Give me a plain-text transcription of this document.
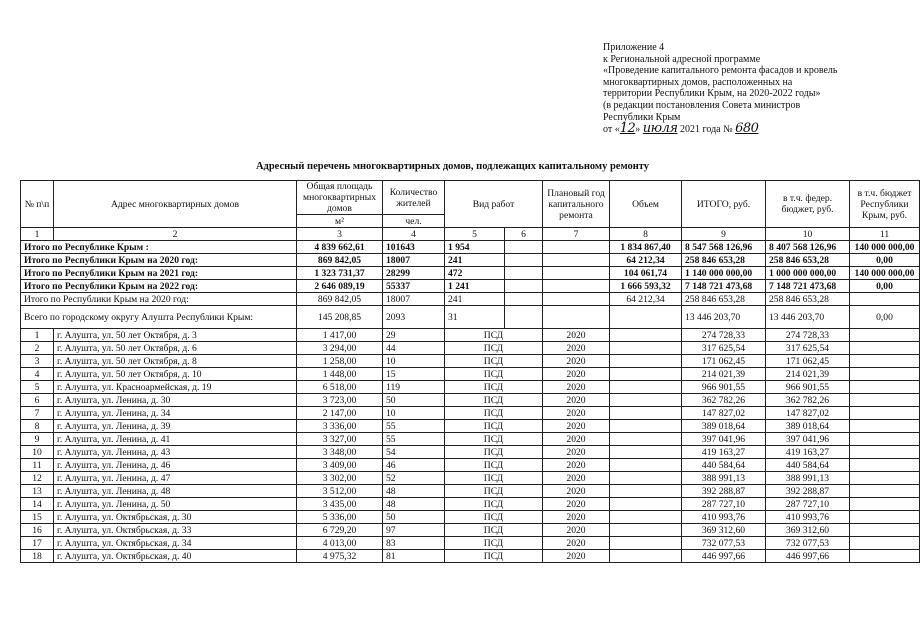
Приложение 4
к Региональной адресной программе
«Проведение капитального ремонта фасадов и кровель
многоквартирных домов, расположенных на
территории Республики Крым, на 2020-2022 годы»
(в редакции постановления Совета министров
Республики Крым
от «12» июля 2021 года № 680
Адресный перечень многоквартирных домов, подлежащих капитальному ремонту
№ п\п	Адрес многоквартирных домов	Общая площадь многоквартирных домов	Количество жителей	Вид работ		Плановый год капитального ремонта	Объем	ИТОГО, руб.	в т.ч. федер. бюджет, руб.	в т.ч. бюджет Республики Крым, руб.
		м²	чел.							
1	2	3	4	5	6	7	8	9	10	11
Итого по Республике Крым :		4 839 662,61	101643	1 954			1 834 867,40	8 547 568 126,96	8 407 568 126,96	140 000 000,00
Итого по Республики Крым на 2020 год:		869 842,05	18007	241			64 212,34	258 846 653,28	258 846 653,28	0,00
Итого по Республики Крым на 2021 год:		1 323 731,37	28299	472			104 061,74	1 140 000 000,00	1 000 000 000,00	140 000 000,00
Итого по Республики Крым на 2022 год:		2 646 089,19	55337	1 241			1 666 593,32	7 148 721 473,68	7 148 721 473,68	0,00
Итого по Республики Крым на 2020 год:		869 842,05	18007	241			64 212,34	258 846 653,28	258 846 653,28	
Всего по городскому округу Алушта Республики Крым:		145 208,85	2093	31				13 446 203,70	13 446 203,70	0,00
1	г. Алушта, ул. 50 лет Октября, д. 3	1 417,00	29	ПСД		2020		274 728,33	274 728,33	
2	г. Алушта, ул. 50 лет Октября, д. 6	3 294,00	44	ПСД		2020		317 625,54	317 625,54	
3	г. Алушта, ул. 50 лет Октября, д. 8	1 258,00	10	ПСД		2020		171 062,45	171 062,45	
4	г. Алушта, ул. 50 лет Октября, д. 10	1 448,00	15	ПСД		2020		214 021,39	214 021,39	
5	г. Алушта, ул. Красноармейская, д. 19	6 518,00	119	ПСД		2020		966 901,55	966 901,55	
6	г. Алушта, ул. Ленина, д. 30	3 723,00	50	ПСД		2020		362 782,26	362 782,26	
7	г. Алушта, ул. Ленина, д. 34	2 147,00	10	ПСД		2020		147 827,02	147 827,02	
8	г. Алушта, ул. Ленина, д. 39	3 336,00	55	ПСД		2020		389 018,64	389 018,64	
9	г. Алушта, ул. Ленина, д. 41	3 327,00	55	ПСД		2020		397 041,96	397 041,96	
10	г. Алушта, ул. Ленина, д. 43	3 348,00	54	ПСД		2020		419 163,27	419 163,27	
11	г. Алушта, ул. Ленина, д. 46	3 409,00	46	ПСД		2020		440 584,64	440 584,64	
12	г. Алушта, ул. Ленина, д. 47	3 302,00	52	ПСД		2020		388 991,13	388 991,13	
13	г. Алушта, ул. Ленина, д. 48	3 512,00	48	ПСД		2020		392 288,87	392 288,87	
14	г. Алушта, ул. Ленина, д. 50	3 435,00	48	ПСД		2020		287 727,10	287 727,10	
15	г. Алушта, ул. Октябрьская, д. 30	5 336,00	50	ПСД		2020		410 993,76	410 993,76	
16	г. Алушта, ул. Октябрьская, д. 33	6 729,20	97	ПСД		2020		369 312,60	369 312,60	
17	г. Алушта, ул. Октябрьская, д. 34	4 013,00	83	ПСД		2020		732 077,53	732 077,53	
18	г. Алушта, ул. Октябрьская, д. 40	4 975,32	81	ПСД		2020		446 997,66	446 997,66	
